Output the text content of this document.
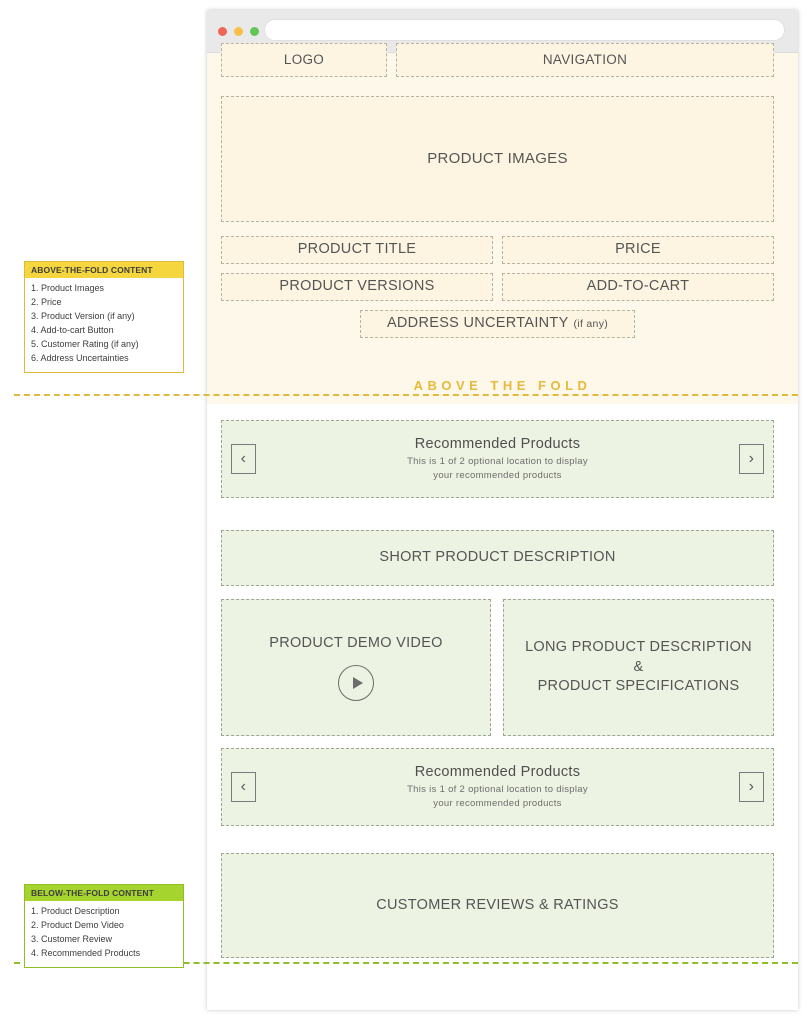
LOGO	NAVIGATION
PRODUCT IMAGES
PRODUCT TITLE	PRICE
PRODUCT VERSIONS	ADD-TO-CART
ADDRESS UNCERTAINTY (if any)
ABOVE THE FOLD
‹
Recommended Products
This is 1 of 2 optional location to display
your recommended products
›
SHORT PRODUCT DESCRIPTION
PRODUCT DEMO VIDEO	LONG PRODUCT DESCRIPTION
&
PRODUCT SPECIFICATIONS
‹
Recommended Products
This is 1 of 2 optional location to display
your recommended products
›
CUSTOMER REVIEWS & RATINGS
ABOVE-THE-FOLD CONTENT
Product Images
Price
Product Version (if any)
Add-to-cart Button
Customer Rating (if any)
Address Uncertainties
BELOW-THE-FOLD CONTENT
Product Description
Product Demo Video
Customer Review
Recommended Products
